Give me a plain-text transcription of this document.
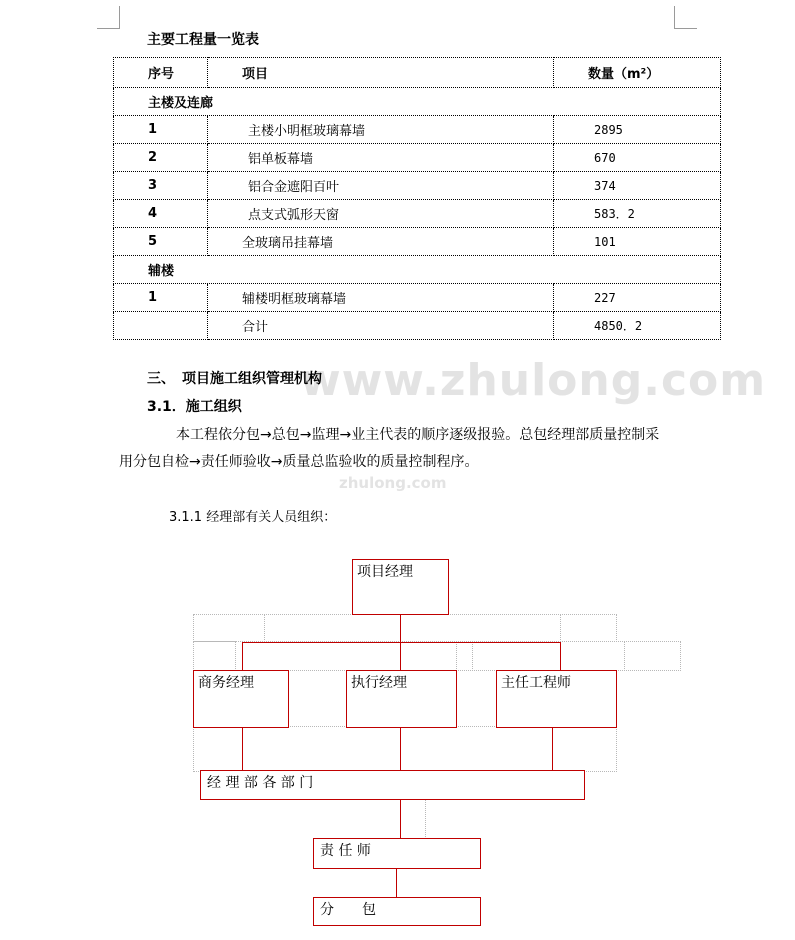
www.zhulong.com
zhulong.com
主要工程量一览表
序号	项目	数量（m²）
主楼及连廊		
1	主楼小明框玻璃幕墙	2895
2	铝单板幕墙	670
3	铝合金遮阳百叶	374
4	点支式弧形天窗	583．2
5	全玻璃吊挂幕墙	101
辅楼		
1	辅楼明框玻璃幕墙	227
	合计	4850．2
三、　项目施工组织管理机构
3.1．施工组织
本工程依分包→总包→监理→业主代表的顺序逐级报验。总包经理部质量控制采
用分包自检→责任师验收→质量总监验收的质量控制程序。
3.1.1 经理部有关人员组织：
项目经理
商务经理	执行经理	主任工程师
经 理 部 各 部 门
责 任 师
分　　包
